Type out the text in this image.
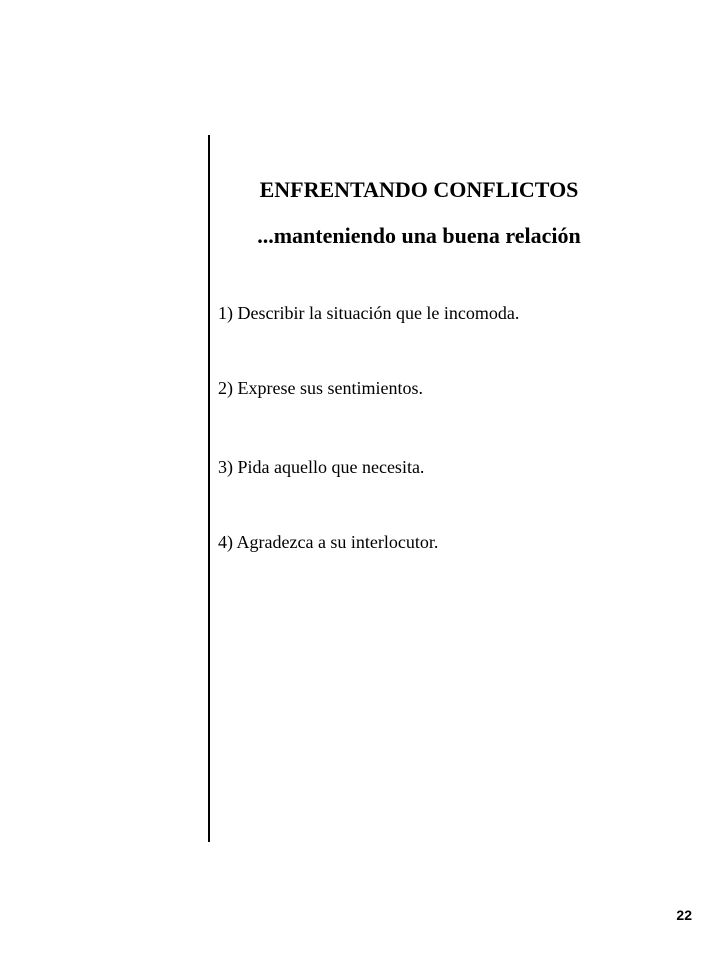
ENFRENTANDO CONFLICTOS
...manteniendo una buena relación
1) Describir la situación que le incomoda.
2) Exprese sus sentimientos.
3) Pida aquello que necesita.
4) Agradezca a su interlocutor.
22
